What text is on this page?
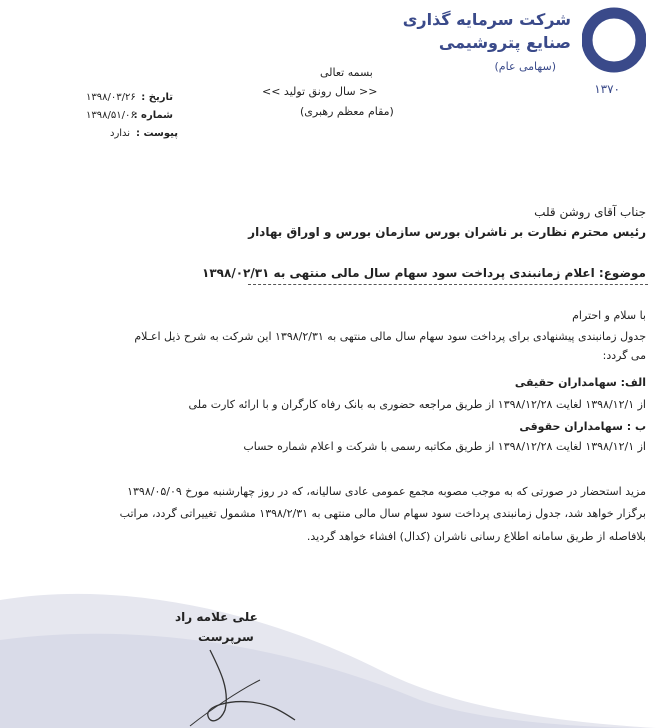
شرکت سرمایه گذاری
صنایع پتروشیمی
(سهامی عام)
۱۳۷۰
بسمه تعالی
<< سال رونق تولید >>
(مقام معظم رهبری)
تاریخ :
۱۳۹۸/۰۳/۲۶
شماره :
۱۳۹۸/۵۱/۰۶
پیوست :
ندارد
جناب آقای روشن قلب
رئیس محترم نظارت بر ناشران بورس سازمان بورس و اوراق بهادار
موضوع: اعلام زمانبندی پرداخت سود سهام سال مالی منتهی به ۱۳۹۸/۰۲/۳۱
با سلام و احترام
جدول زمانبندی پیشنهادی برای پرداخت سود سهام سال مالی منتهی به ۱۳۹۸/۲/۳۱ این شرکت به شرح ذیل اعـلام
می گردد:
الف: سهامداران حقیقی
از ۱۳۹۸/۱۲/۱ لغایت ۱۳۹۸/۱۲/۲۸ از طریق مراجعه حضوری به بانک رفاه کارگران و با ارائه کارت ملی
ب : سهامداران حقوقی
از ۱۳۹۸/۱۲/۱ لغایت ۱۳۹۸/۱۲/۲۸ از طریق مکاتبه رسمی با شرکت و اعلام شماره حساب
مزید استحضار در صورتی که به موجب مصوبه مجمع عمومی عادی سالیانه، که در روز چهارشنبه مورخ ۱۳۹۸/۰۵/۰۹
برگزار خواهد شد، جدول زمانبندی پرداخت سود سهام سال مالی منتهی به ۱۳۹۸/۲/۳۱ مشمول تغییراتی گردد، مراتب
بلافاصله از طریق سامانه اطلاع رسانی ناشران (کدال) افشاء خواهد گردید.
علی علامه راد
سرپرست
